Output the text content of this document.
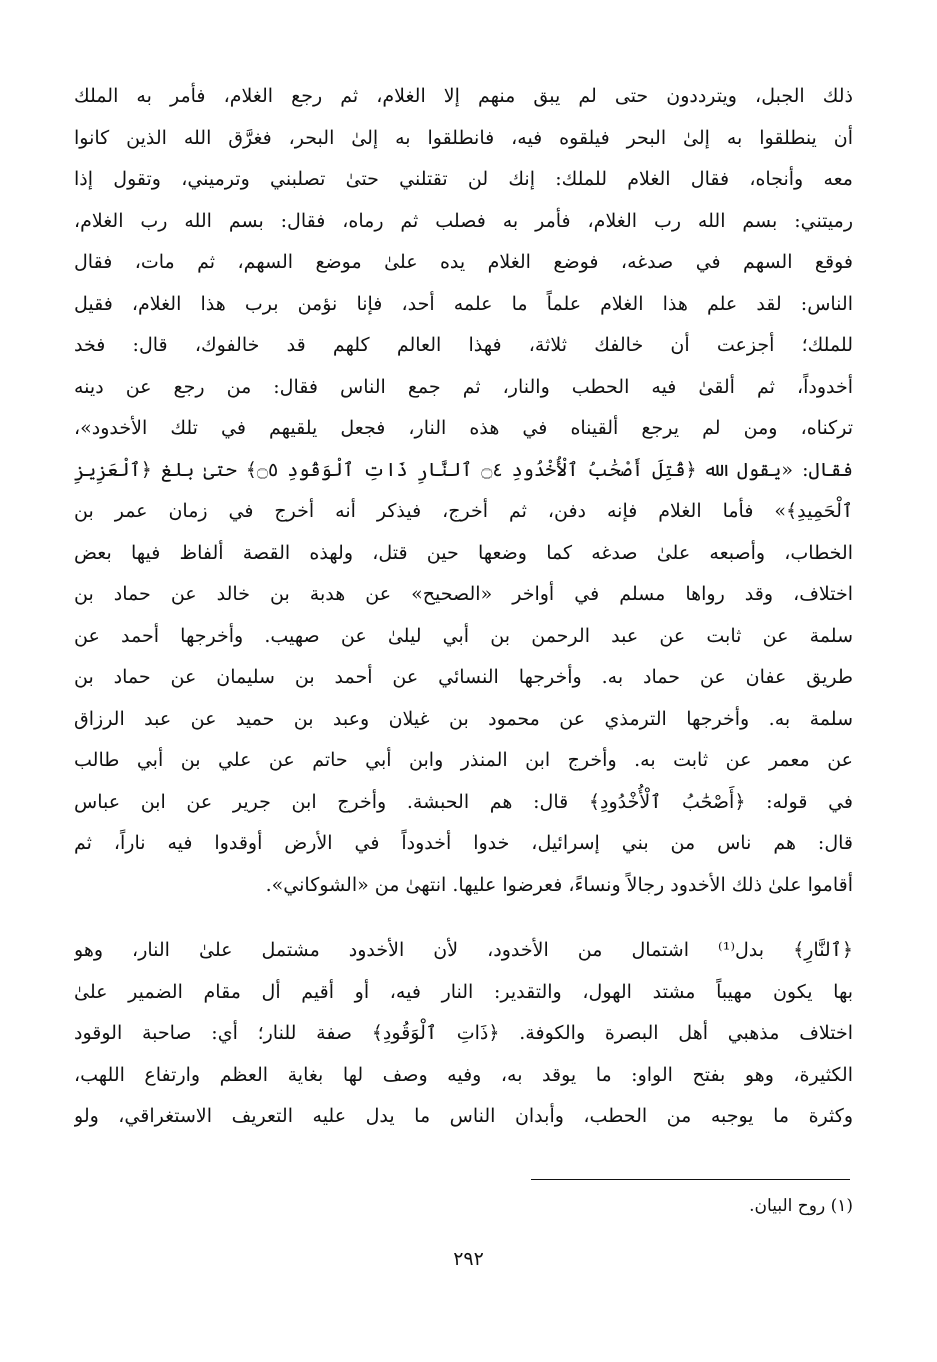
ذلك الجبل، ويترددون حتى لم يبق منهم إلا الغلام، ثم رجع الغلام، فأمر به الملك
أن ينطلقوا به إلىٰ البحر فيلقوه فيه، فانطلقوا به إلىٰ البحر، فغرَّق الله الذين كانوا
معه وأنجاه، فقال الغلام للملك: إنك لن تقتلني حتىٰ تصلبني وترميني، وتقول إذا
رميتني: بسم الله رب الغلام، فأمر به فصلب ثم رماه، فقال: بسم الله رب الغلام،
فوقع السهم في صدغه، فوضع الغلام يده علىٰ موضع السهم، ثم مات، فقال
الناس: لقد علم هذا الغلام علماً ما علمه أحد، فإنا نؤمن برب هذا الغلام، فقيل
للملك؛ أجزعت أن خالفك ثلاثة، فهذا العالم كلهم قد خالفوك، قال: فخد
أخدوداً، ثم ألقىٰ فيه الحطب والنار، ثم جمع الناس فقال: من رجع عن دينه
تركناه، ومن لم يرجع ألقيناه في هذه النار، فجعل يلقيهم في تلك الأخدود»،
فقال: «يقول الله ﴿قُتِلَ أَصْحَٰبُ ٱلْأُخْدُودِ ۝٤ ٱلنَّارِ ذَاتِ ٱلْوَقُودِ ۝٥﴾ حتىٰ بلغ ﴿ٱلْعَزِيزِ
ٱلْحَمِيدِ﴾» فأما الغلام فإنه دفن، ثم أخرج، فيذكر أنه أخرج في زمان عمر بن
الخطاب، وأصبعه علىٰ صدغه كما وضعها حين قتل، ولهذه القصة ألفاظ فيها بعض
اختلاف، وقد رواها مسلم في أواخر «الصحيح» عن هدبة بن خالد عن حماد بن
سلمة عن ثابت عن عبد الرحمن بن أبي ليلىٰ عن صهيب. وأخرجها أحمد عن
طريق عفان عن حماد به. وأخرجها النسائي عن أحمد بن سليمان عن حماد بن
سلمة به. وأخرجها الترمذي عن محمود بن غيلان وعبد بن حميد عن عبد الرزاق
عن معمر عن ثابت به. وأخرج ابن المنذر وابن أبي حاتم عن علي بن أبي طالب
في قوله: ﴿أَصْحَٰبُ ٱلْأُخْدُودِ﴾ قال: هم الحبشة. وأخرج ابن جرير عن ابن عباس
قال: هم ناس من بني إسرائيل، خدوا أخدوداً في الأرض أوقدوا فيه ناراً، ثم
أقاموا علىٰ ذلك الأخدود رجالاً ونساءً، فعرضوا عليها. انتهىٰ من «الشوكاني».
﴿ٱلنَّارِ﴾ بدل⁽¹⁾ اشتمال من الأخدود، لأن الأخدود مشتمل علىٰ النار، وهو
بها يكون مهيباً مشتد الهول، والتقدير: النار فيه، أو أقيم أل مقام الضمير علىٰ
اختلاف مذهبي أهل البصرة والكوفة. ﴿ذَاتِ ٱلْوَقُودِ﴾ صفة للنار؛ أي: صاحبة الوقود
الكثيرة، وهو بفتح الواو: ما يوقد به، وفيه وصف لها بغاية العظم وارتفاع اللهب،
وكثرة ما يوجبه من الحطب، وأبدان الناس ما يدل عليه التعريف الاستغراقي، ولو
(١) روح البيان.
٢٩٢
